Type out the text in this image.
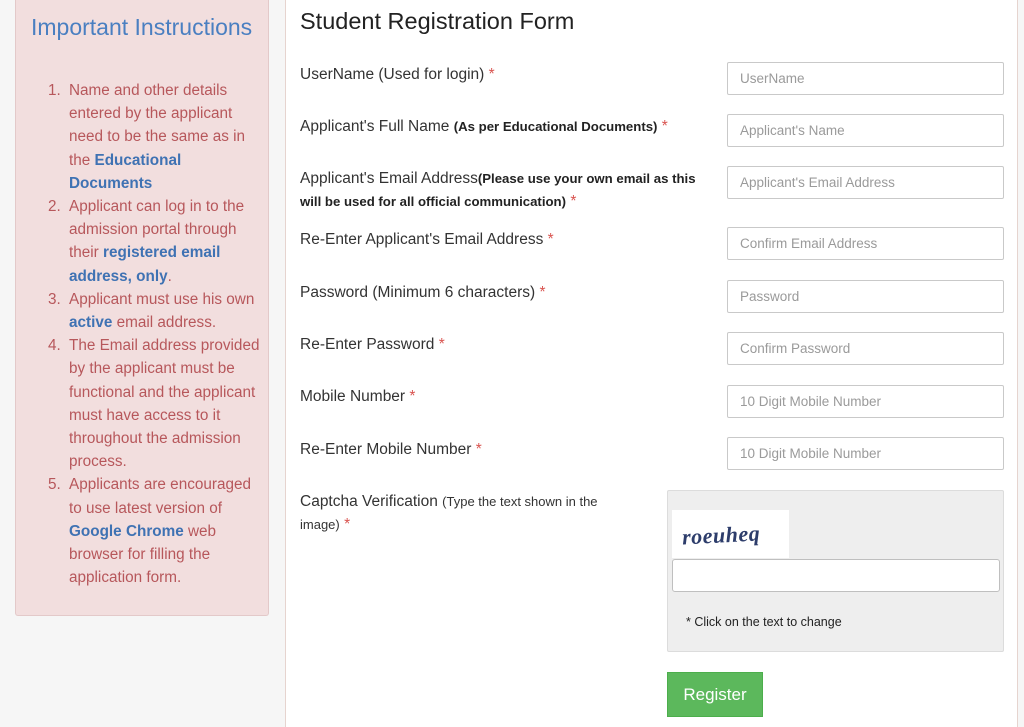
Important Instructions
1. Name and other details entered by the applicant need to be the same as in the Educational Documents
2. Applicant can log in to the admission portal through their registered email address, only.
3. Applicant must use his own active email address.
4. The Email address provided by the applicant must be functional and the applicant must have access to it throughout the admission process.
5. Applicants are encouraged to use latest version of Google Chrome web browser for filling the application form.
Student Registration Form
UserName (Used for login) *
UserName
Applicant's Full Name (As per Educational Documents) *
Applicant's Name
Applicant's Email Address(Please use your own email as this will be used for all official communication) *
Applicant's Email Address
Re-Enter Applicant's Email Address *
Confirm Email Address
Password (Minimum 6 characters) *
Re-Enter Password *
Mobile Number *
10 Digit Mobile Number
Re-Enter Mobile Number *
10 Digit Mobile Number
Captcha Verification (Type the text shown in the image) *	roeuheq
* Click on the text to change
Register
